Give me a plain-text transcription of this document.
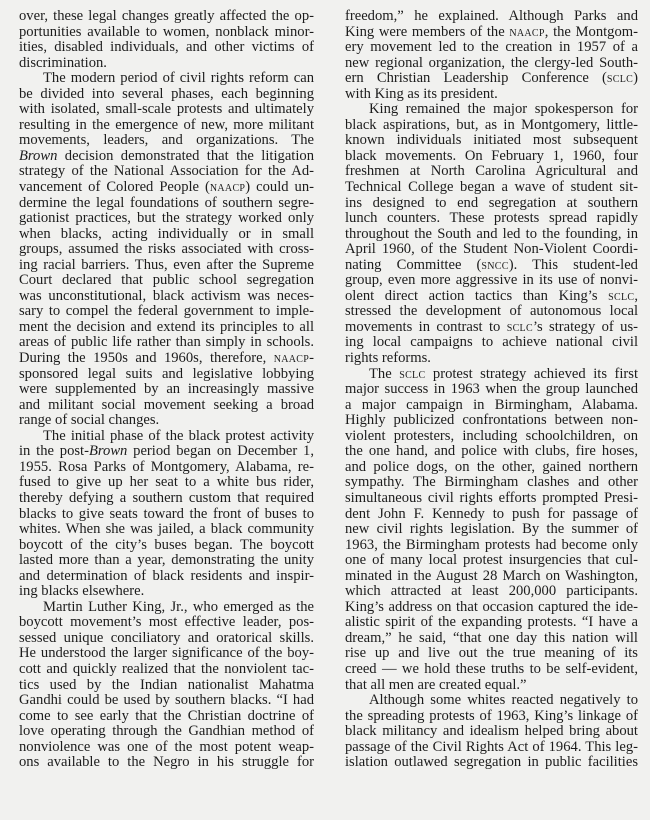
over, these legal changes greatly affected the op-
portunities available to women, nonblack minor-
ities, disabled individuals, and other victims of
discrimination.
The modern period of civil rights reform can
be divided into several phases, each beginning
with isolated, small-scale protests and ultimately
resulting in the emergence of new, more militant
movements, leaders, and organizations. The
Brown decision demonstrated that the litigation
strategy of the National Association for the Ad-
vancement of Colored People (naacp) could un-
dermine the legal foundations of southern segre-
gationist practices, but the strategy worked only
when blacks, acting individually or in small
groups, assumed the risks associated with cross-
ing racial barriers. Thus, even after the Supreme
Court declared that public school segregation
was unconstitutional, black activism was neces-
sary to compel the federal government to imple-
ment the decision and extend its principles to all
areas of public life rather than simply in schools.
During the 1950s and 1960s, therefore, naacp-
sponsored legal suits and legislative lobbying
were supplemented by an increasingly massive
and militant social movement seeking a broad
range of social changes.
The initial phase of the black protest activity
in the post-Brown period began on December 1,
1955. Rosa Parks of Montgomery, Alabama, re-
fused to give up her seat to a white bus rider,
thereby defying a southern custom that required
blacks to give seats toward the front of buses to
whites. When she was jailed, a black community
boycott of the city’s buses began. The boycott
lasted more than a year, demonstrating the unity
and determination of black residents and inspir-
ing blacks elsewhere.
Martin Luther King, Jr., who emerged as the
boycott movement’s most effective leader, pos-
sessed unique conciliatory and oratorical skills.
He understood the larger significance of the boy-
cott and quickly realized that the nonviolent tac-
tics used by the Indian nationalist Mahatma
Gandhi could be used by southern blacks. “I had
come to see early that the Christian doctrine of
love operating through the Gandhian method of
nonviolence was one of the most potent weap-
ons available to the Negro in his struggle for
freedom,” he explained. Although Parks and
King were members of the naacp, the Montgom-
ery movement led to the creation in 1957 of a
new regional organization, the clergy-led South-
ern Christian Leadership Conference (sclc)
with King as its president.
King remained the major spokesperson for
black aspirations, but, as in Montgomery, little-
known individuals initiated most subsequent
black movements. On February 1, 1960, four
freshmen at North Carolina Agricultural and
Technical College began a wave of student sit-
ins designed to end segregation at southern
lunch counters. These protests spread rapidly
throughout the South and led to the founding, in
April 1960, of the Student Non-Violent Coordi-
nating Committee (sncc). This student-led
group, even more aggressive in its use of nonvi-
olent direct action tactics than King’s sclc,
stressed the development of autonomous local
movements in contrast to sclc’s strategy of us-
ing local campaigns to achieve national civil
rights reforms.
The sclc protest strategy achieved its first
major success in 1963 when the group launched
a major campaign in Birmingham, Alabama.
Highly publicized confrontations between non-
violent protesters, including schoolchildren, on
the one hand, and police with clubs, fire hoses,
and police dogs, on the other, gained northern
sympathy. The Birmingham clashes and other
simultaneous civil rights efforts prompted Presi-
dent John F. Kennedy to push for passage of
new civil rights legislation. By the summer of
1963, the Birmingham protests had become only
one of many local protest insurgencies that cul-
minated in the August 28 March on Washington,
which attracted at least 200,000 participants.
King’s address on that occasion captured the ide-
alistic spirit of the expanding protests. “I have a
dream,” he said, “that one day this nation will
rise up and live out the true meaning of its
creed — we hold these truths to be self-evident,
that all men are created equal.”
Although some whites reacted negatively to
the spreading protests of 1963, King’s linkage of
black militancy and idealism helped bring about
passage of the Civil Rights Act of 1964. This leg-
islation outlawed segregation in public facilities
